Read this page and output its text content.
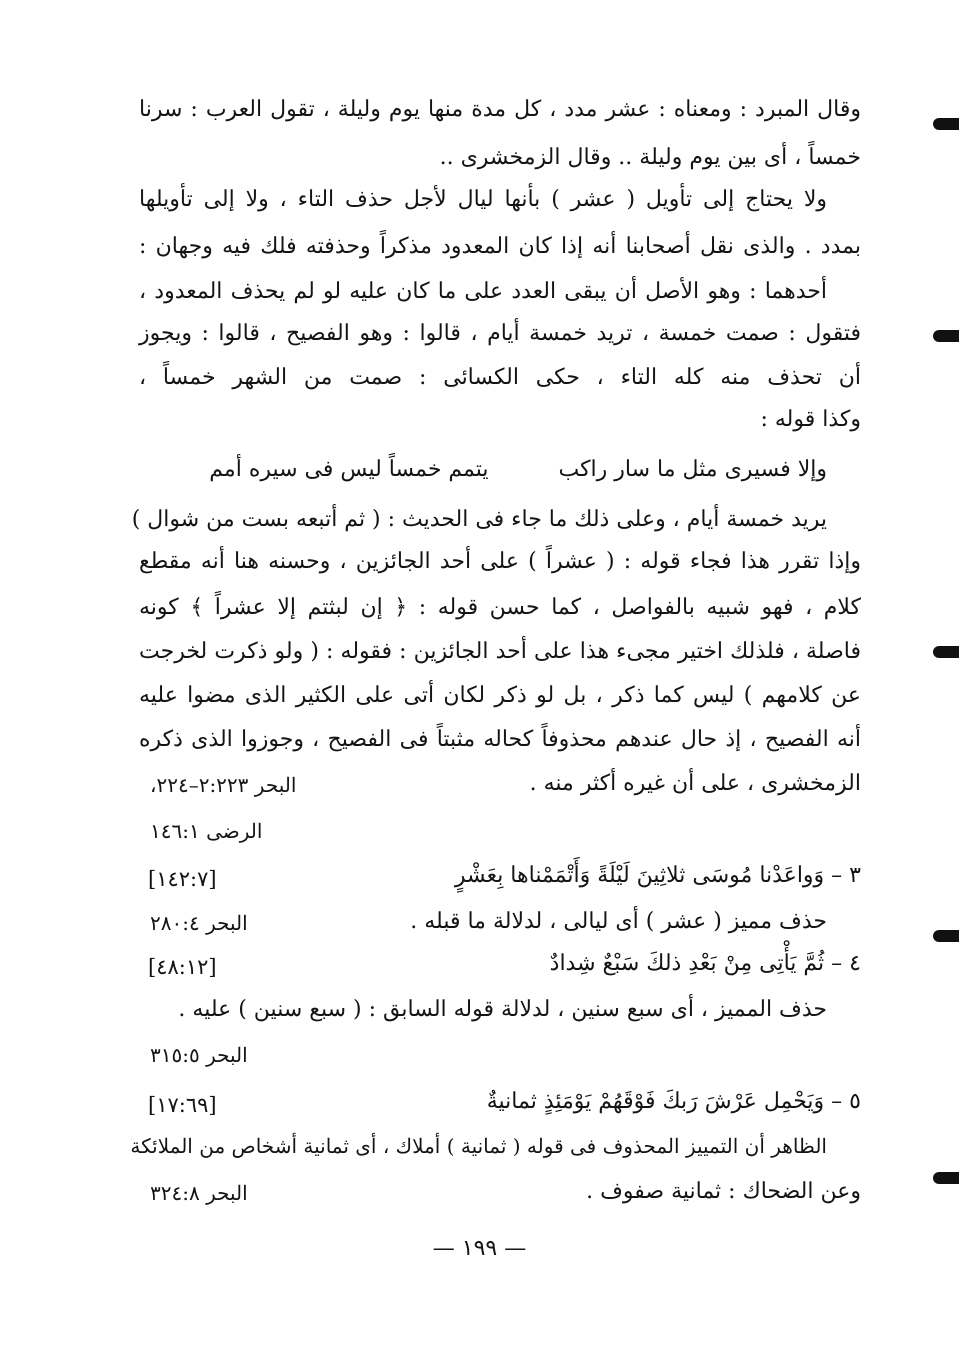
وقال المبرد : ومعناه : عشر مدد ، كل مدة منها يوم وليلة ، تقول العرب : سرنا
خمساً ، أى بين يوم وليلة .. وقال الزمخشرى ..
ولا يحتاج إلى تأويل ( عشر ) بأنها ليال لأجل حذف التاء ، ولا إلى تأويلها
بمدد . والذى نقل أصحابنا أنه إذا كان المعدود مذكراً وحذفته فلك فيه وجهان :
أحدهما : وهو الأصل أن يبقى العدد على ما كان عليه لو لم يحذف المعدود ،
فتقول : صمت خمسة ، تريد خمسة أيام ، قالوا : وهو الفصيح ، قالوا : ويجوز
أن تحذف منه كله التاء ، حكى الكسائى : صمت من الشهر خمساً ،
وكذا قوله :
وإلا فسيرى مثل ما سار راكب          يتمم خمساً ليس فى سيره أمم
يريد خمسة أيام ، وعلى ذلك ما جاء فى الحديث : ( ثم أتبعه بست من شوال )
وإذا تقرر هذا فجاء قوله : ( عشراً ) على أحد الجائزين ، وحسنه هنا أنه مقطع
كلام ، فهو شبيه بالفواصل ، كما حسن قوله : ﴿ إن لبثتم إلا عشراً ﴾ كونه
فاصلة ، فلذلك اختير مجىء هذا على أحد الجائزين : فقوله : ( ولو ذكرت لخرجت
عن كلامهم ) ليس كما ذكر ، بل لو ذكر لكان أتى على الكثير الذى مضوا عليه
أنه الفصيح ، إذ حال عندهم محذوفاً كحاله مثبتاً فى الفصيح ، وجوزوا الذى ذكره
الزمخشرى ، على أن غيره أكثر منه .
البحر ٢:٢٢٣–٢٢٤،
الرضى ١٤٦:١
٣ – وَواعَدْنا مُوسَى ثلاثِينَ لَيْلَةً وَأَتْمَمْناها بِعَشْرٍ
[١٤٢:٧]
حذف مميز ( عشر ) أى ليالى ، لدلالة ما قبله .
البحر ٢٨٠:٤
٤ – ثُمَّ يَأْتِى مِنْ بَعْدِ ذلكَ سَبْعٌ شِدادٌ
[٤٨:١٢]
حذف المميز ، أى سبع سنين ، لدلالة قوله السابق : ( سبع سنين ) عليه .
البحر ٣١٥:٥
٥ – وَيَحْمِل عَرْشَ رَبكَ فَوْقَهُمْ يَوْمَئِذٍ ثمانيةٌ
[١٧:٦٩]
الظاهر أن التمييز المحذوف فى قوله ( ثمانية ) أملاك ، أى ثمانية أشخاص من الملائكة
وعن الضحاك : ثمانية صفوف .
البحر ٣٢٤:٨
— ١٩٩ —
